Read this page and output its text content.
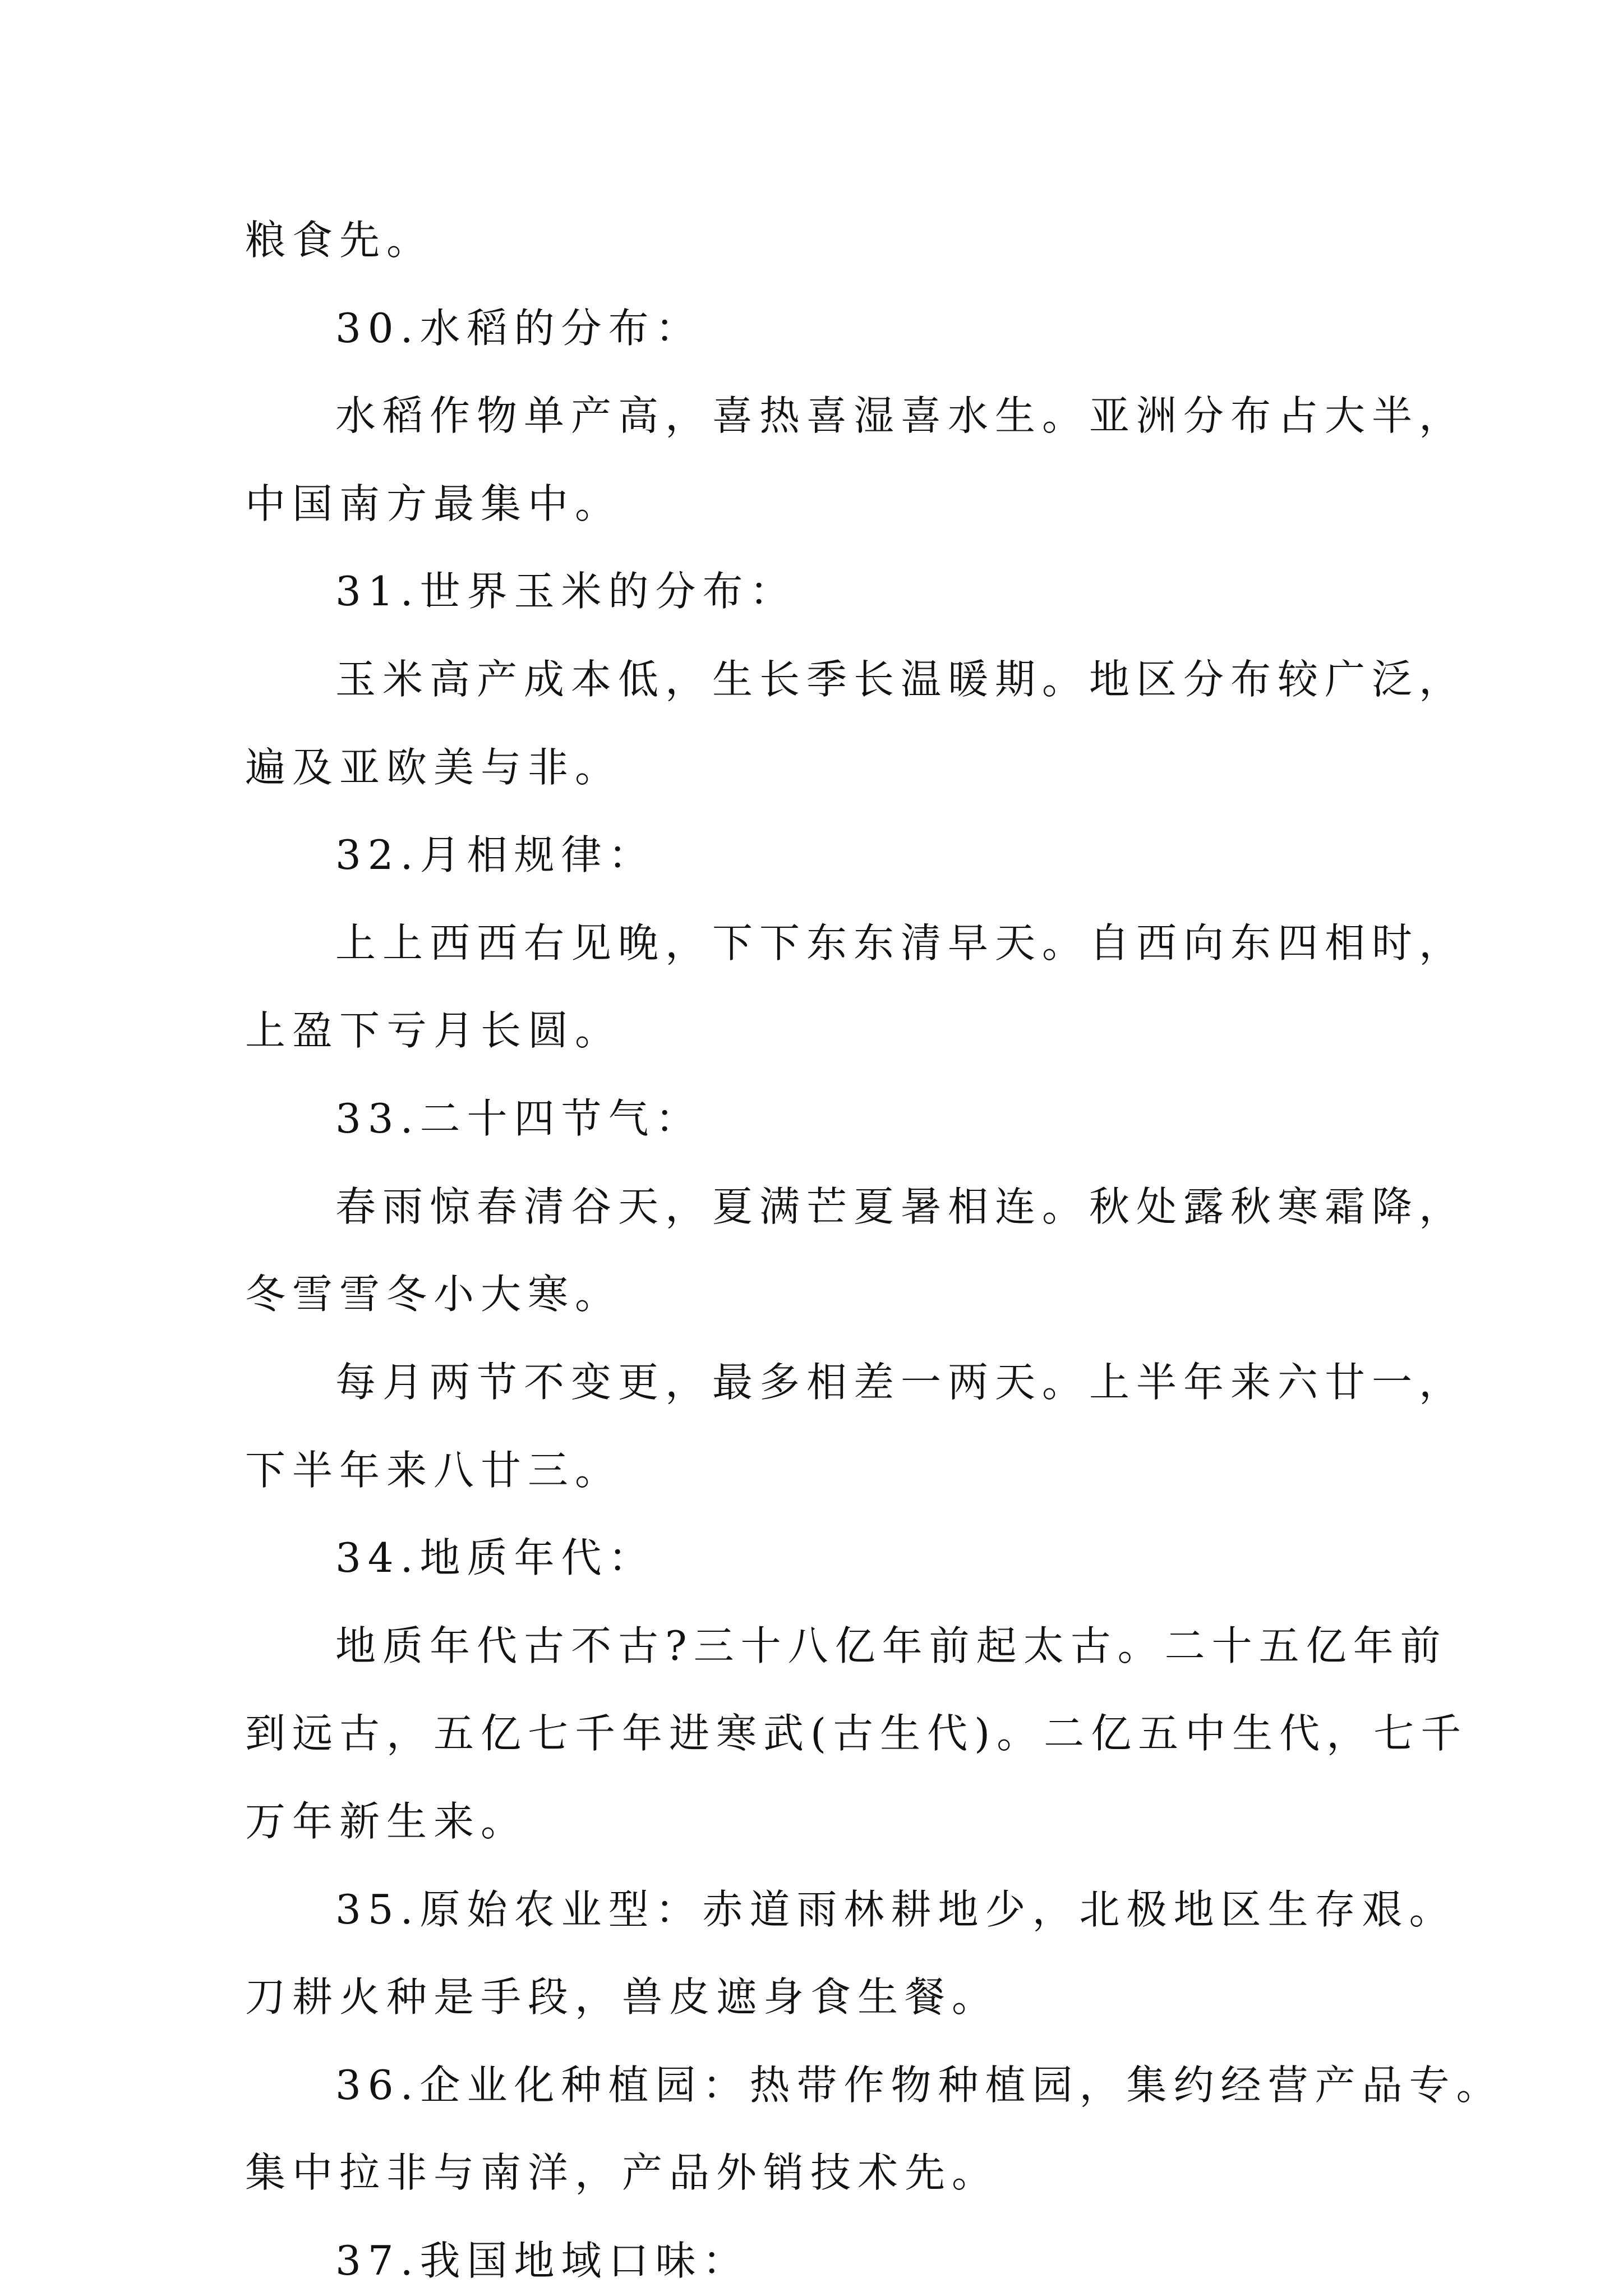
粮食先。
30.水稻的分布：
水稻作物单产高，喜热喜湿喜水生。亚洲分布占大半，
中国南方最集中。
31.世界玉米的分布：
玉米高产成本低，生长季长温暖期。地区分布较广泛，
遍及亚欧美与非。
32.月相规律：
上上西西右见晚，下下东东清早天。自西向东四相时，
上盈下亏月长圆。
33.二十四节气：
春雨惊春清谷天，夏满芒夏暑相连。秋处露秋寒霜降，
冬雪雪冬小大寒。
每月两节不变更，最多相差一两天。上半年来六廿一，
下半年来八廿三。
34.地质年代：
地质年代古不古?三十八亿年前起太古。二十五亿年前
到远古，五亿七千年进寒武(古生代)。二亿五中生代，七千
万年新生来。
35.原始农业型：赤道雨林耕地少，北极地区生存艰。
刀耕火种是手段，兽皮遮身食生餐。
36.企业化种植园：热带作物种植园，集约经营产品专。
集中拉非与南洋，产品外销技术先。
37.我国地域口味：
